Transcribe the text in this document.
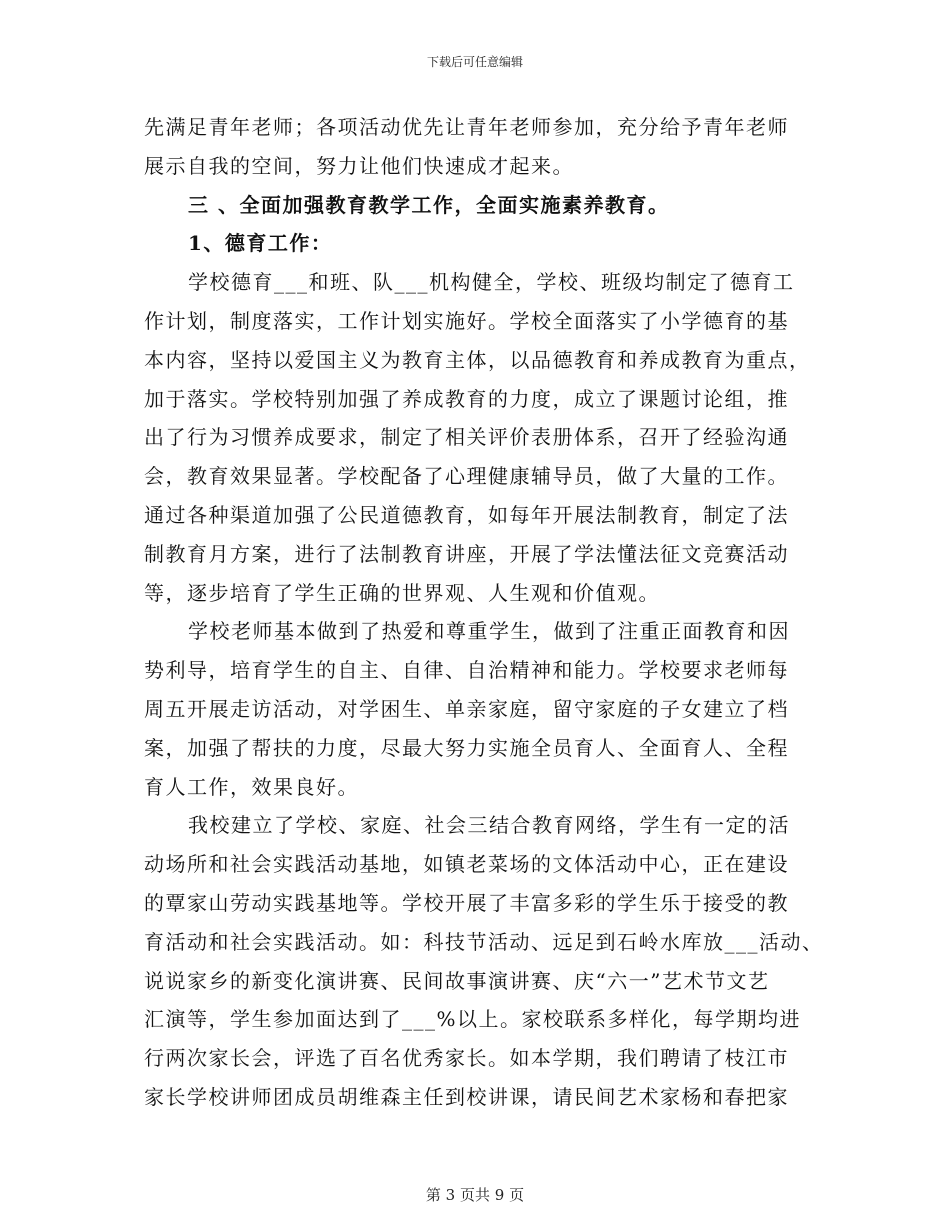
下载后可任意编辑
先满足青年老师；各项活动优先让青年老师参加，充分给予青年老师
展示自我的空间，努力让他们快速成才起来。
三 、全面加强教育教学工作，全面实施素养教育。
1、德育工作：
学校德育___和班、队___机构健全，学校、班级均制定了德育工
作计划，制度落实，工作计划实施好。学校全面落实了小学德育的基
本内容，坚持以爱国主义为教育主体，以品德教育和养成教育为重点，
加于落实。学校特别加强了养成教育的力度，成立了课题讨论组，推
出了行为习惯养成要求，制定了相关评价表册体系，召开了经验沟通
会，教育效果显著。学校配备了心理健康辅导员，做了大量的工作。
通过各种渠道加强了公民道德教育，如每年开展法制教育，制定了法
制教育月方案，进行了法制教育讲座，开展了学法懂法征文竞赛活动
等，逐步培育了学生正确的世界观、人生观和价值观。
学校老师基本做到了热爱和尊重学生，做到了注重正面教育和因
势利导，培育学生的自主、自律、自治精神和能力。学校要求老师每
周五开展走访活动，对学困生、单亲家庭，留守家庭的子女建立了档
案，加强了帮扶的力度，尽最大努力实施全员育人、全面育人、全程
育人工作，效果良好。
我校建立了学校、家庭、社会三结合教育网络，学生有一定的活
动场所和社会实践活动基地，如镇老菜场的文体活动中心，正在建设
的覃家山劳动实践基地等。学校开展了丰富多彩的学生乐于接受的教
育活动和社会实践活动。如：科技节活动、远足到石岭水库放___活动、
说说家乡的新变化演讲赛、民间故事演讲赛、庆“六一”艺术节文艺
汇演等，学生参加面达到了___%以上。家校联系多样化，每学期均进
行两次家长会，评选了百名优秀家长。如本学期，我们聘请了枝江市
家长学校讲师团成员胡维森主任到校讲课，请民间艺术家杨和春把家
第 3 页共 9 页
